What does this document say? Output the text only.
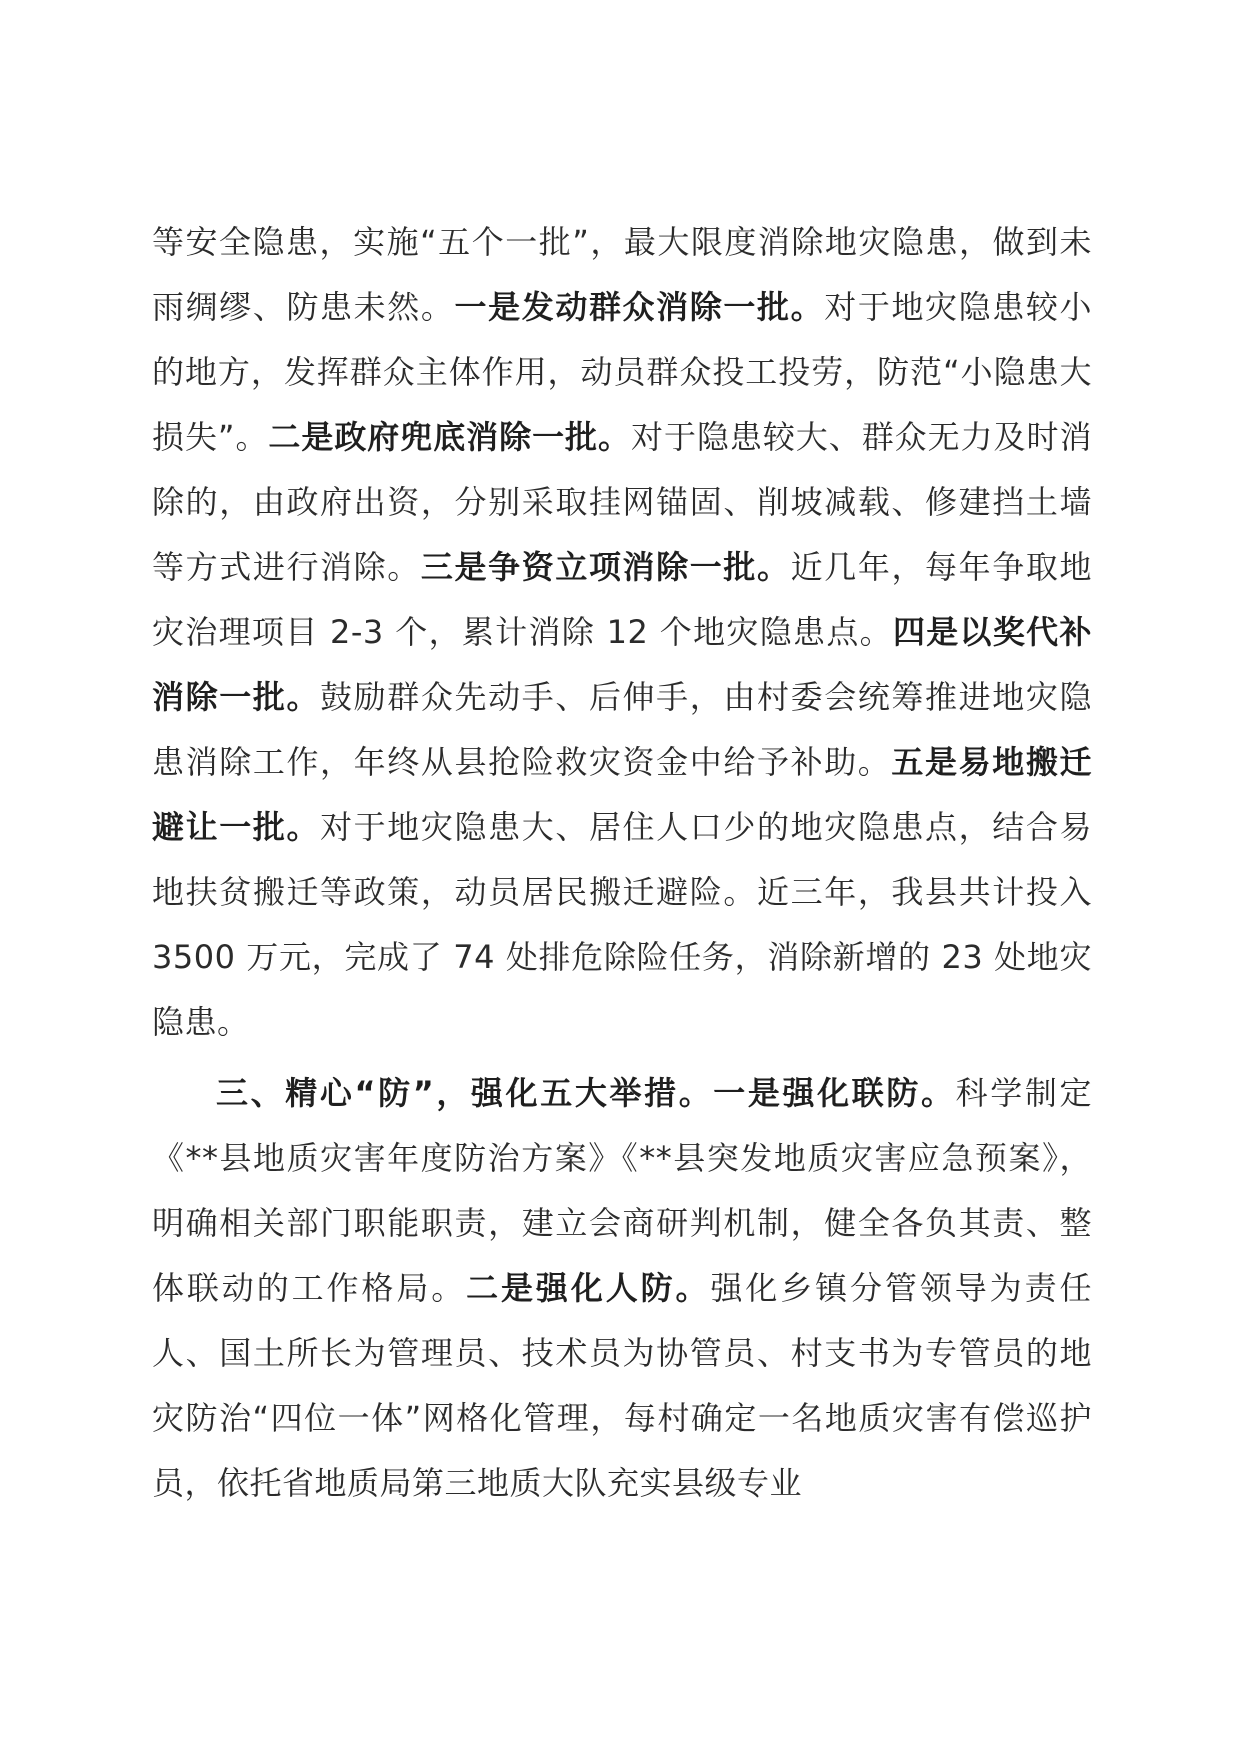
等安全隐患，实施“五个一批”，最大限度消除地灾隐患，做到未雨绸缪、防患未然。一是发动群众消除一批。对于地灾隐患较小的地方，发挥群众主体作用，动员群众投工投劳，防范“小隐患大损失”。二是政府兜底消除一批。对于隐患较大、群众无力及时消除的，由政府出资，分别采取挂网锚固、削坡减载、修建挡土墙等方式进行消除。三是争资立项消除一批。近几年，每年争取地灾治理项目 2-3 个，累计消除 12 个地灾隐患点。四是以奖代补消除一批。鼓励群众先动手、后伸手，由村委会统筹推进地灾隐患消除工作，年终从县抢险救灾资金中给予补助。五是易地搬迁避让一批。对于地灾隐患大、居住人口少的地灾隐患点，结合易地扶贫搬迁等政策，动员居民搬迁避险。近三年，我县共计投入 3500 万元，完成了 74 处排危除险任务，消除新增的 23 处地灾隐患。

三、精心“防”，强化五大举措。一是强化联防。科学制定《**县地质灾害年度防治方案》《**县突发地质灾害应急预案》，明确相关部门职能职责，建立会商研判机制，健全各负其责、整体联动的工作格局。二是强化人防。强化乡镇分管领导为责任人、国土所长为管理员、技术员为协管员、村支书为专管员的地灾防治“四位一体”网格化管理，每村确定一名地质灾害有偿巡护员，依托省地质局第三地质大队充实县级专业
